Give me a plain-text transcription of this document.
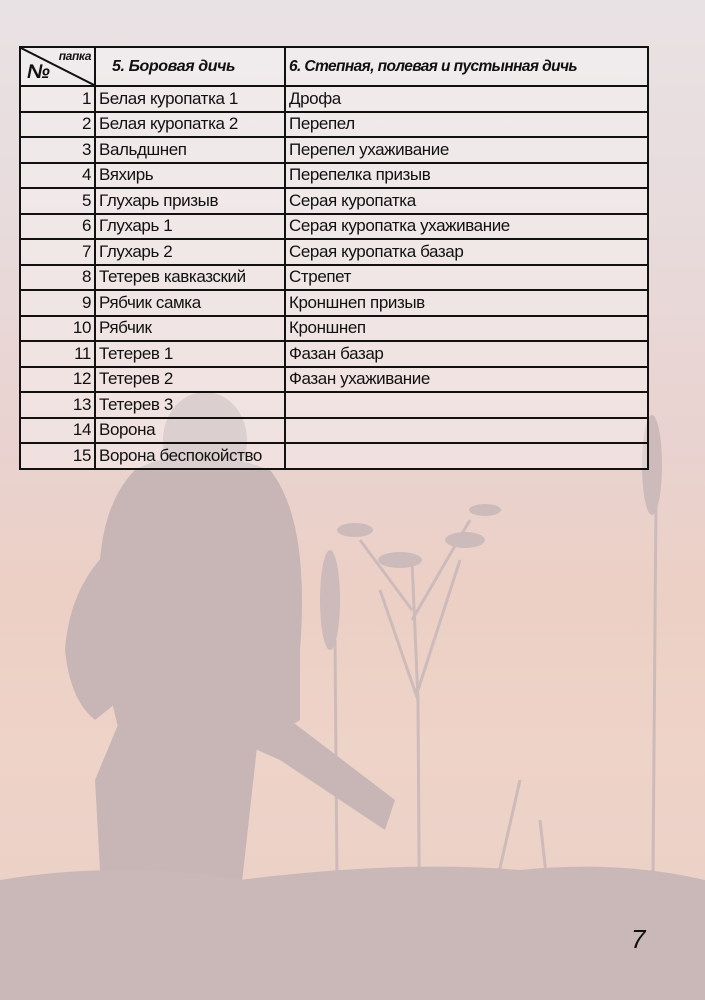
папка
№	5. Боровая дичь	6. Степная, полевая и пустынная дичь
1	Белая куропатка 1	Дрофа
2	Белая куропатка 2	Перепел
3	Вальдшнеп	Перепел ухаживание
4	Вяхирь	Перепелка призыв
5	Глухарь призыв	Серая куропатка
6	Глухарь 1	Серая куропатка ухаживание
7	Глухарь 2	Серая куропатка базар
8	Тетерев кавказский	Стрепет
9	Рябчик самка	Кроншнеп призыв
10	Рябчик	Кроншнеп
11	Тетерев 1	Фазан базар
12	Тетерев 2	Фазан ухаживание
13	Тетерев 3	
14	Ворона	
15	Ворона беспокойство	
7
